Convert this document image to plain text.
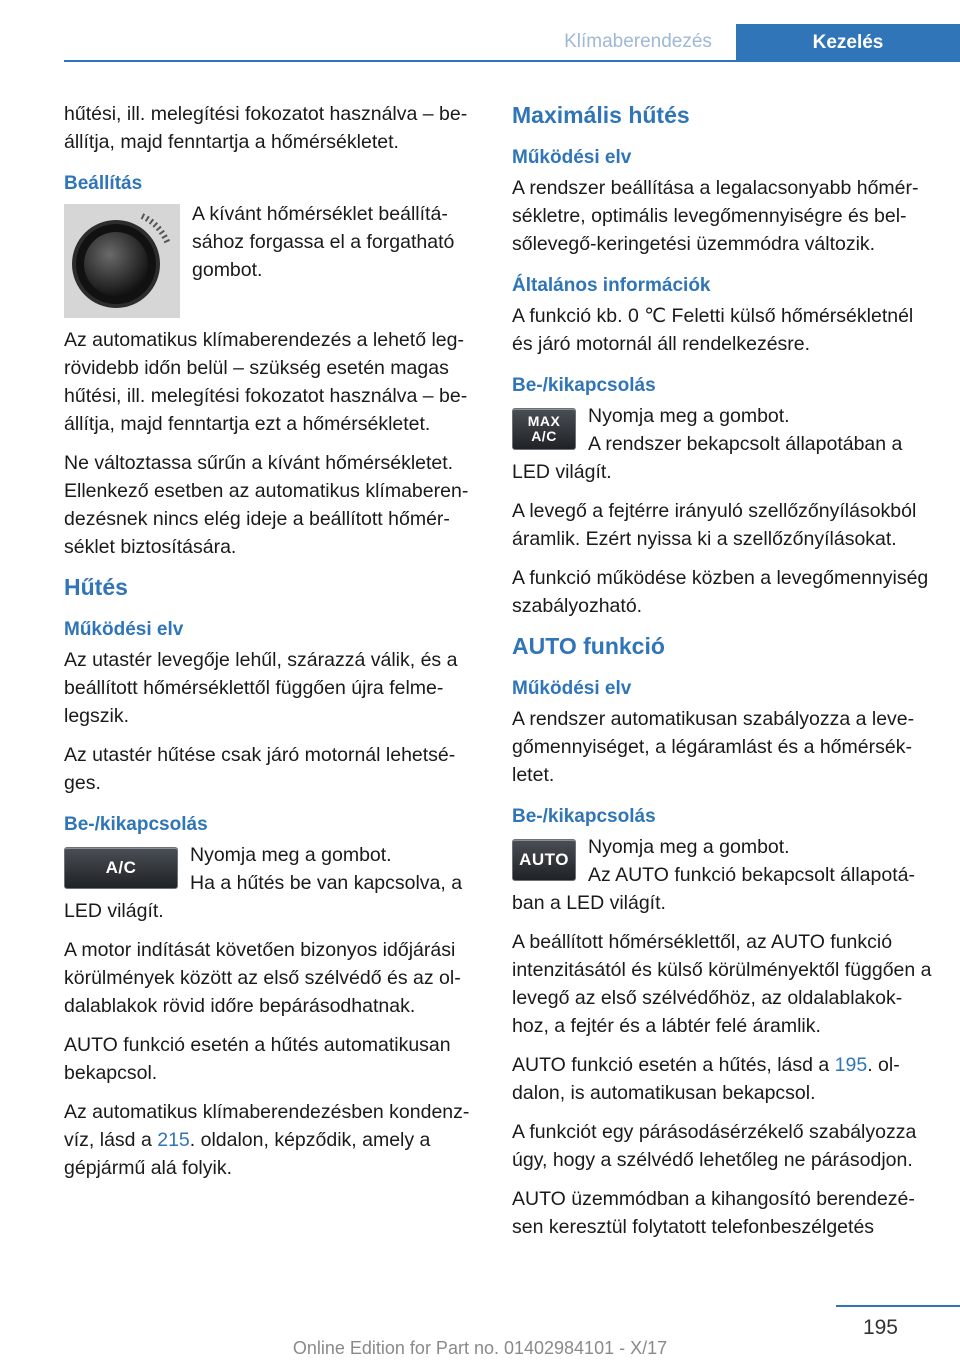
Klímaberendezés	Kezelés

hűtési, ill. melegítési fokozatot használva – beállítja, majd fenntartja a hőmérsékletet.

Beállítás

A kívánt hőmérséklet beállításához forgassa el a forgatható gombot.

Az automatikus klímaberendezés a lehető legrövidebb időn belül – szükség esetén magas hűtési, ill. melegítési fokozatot használva – beállítja, majd fenntartja ezt a hőmérsékletet.

Ne változtassa sűrűn a kívánt hőmérsékletet. Ellenkező esetben az automatikus klímaberendezésnek nincs elég ideje a beállított hőmérséklet biztosítására.

Hűtés
Működési elv

Az utastér levegője lehűl, szárazzá válik, és a beállított hőmérséklettől függően újra felmelegszik.

Az utastér hűtése csak járó motornál lehetséges.

Be-/kikapcsolás
A/C

Nyomja meg a gombot.

Ha a hűtés be van kapcsolva, a LED világít.

A motor indítását követően bizonyos időjárási körülmények között az első szélvédő és az oldalablakok rövid időre bepárásodhatnak.

AUTO funkció esetén a hűtés automatikusan bekapcsol.

Az automatikus klímaberendezésben kondenzvíz, lásd a 215. oldalon, képződik, amely a gépjármű alá folyik.

Maximális hűtés
Működési elv

A rendszer beállítása a legalacsonyabb hőmérsékletre, optimális levegőmennyiségre és belsőlevegő-keringetési üzemmódra változik.

Általános információk

A funkció kb. 0 ℃ Feletti külső hőmérsékletnél és járó motornál áll rendelkezésre.

Be-/kikapcsolás
MAX
A/C

Nyomja meg a gombot.

A rendszer bekapcsolt állapotában a LED világít.

A levegő a fejtérre irányuló szellőzőnyílásokból áramlik. Ezért nyissa ki a szellőzőnyílásokat.

A funkció működése közben a levegőmennyiség szabályozható.

AUTO funkció
Működési elv

A rendszer automatikusan szabályozza a levegőmennyiséget, a légáramlást és a hőmérsékletet.

Be-/kikapcsolás
AUTO

Nyomja meg a gombot.

Az AUTO funkció bekapcsolt állapotában a LED világít.

A beállított hőmérséklettől, az AUTO funkció intenzitásától és külső körülményektől függően a levegő az első szélvédőhöz, az oldalablakokhoz, a fejtér és a lábtér felé áramlik.

AUTO funkció esetén a hűtés, lásd a 195. oldalon, is automatikusan bekapcsol.

A funkciót egy párásodásérzékelő szabályozza úgy, hogy a szélvédő lehetőleg ne párásodjon.

AUTO üzemmódban a kihangosító berendezésen keresztül folytatott telefonbeszélgetés

195
Online Edition for Part no. 01402984101 - X/17
